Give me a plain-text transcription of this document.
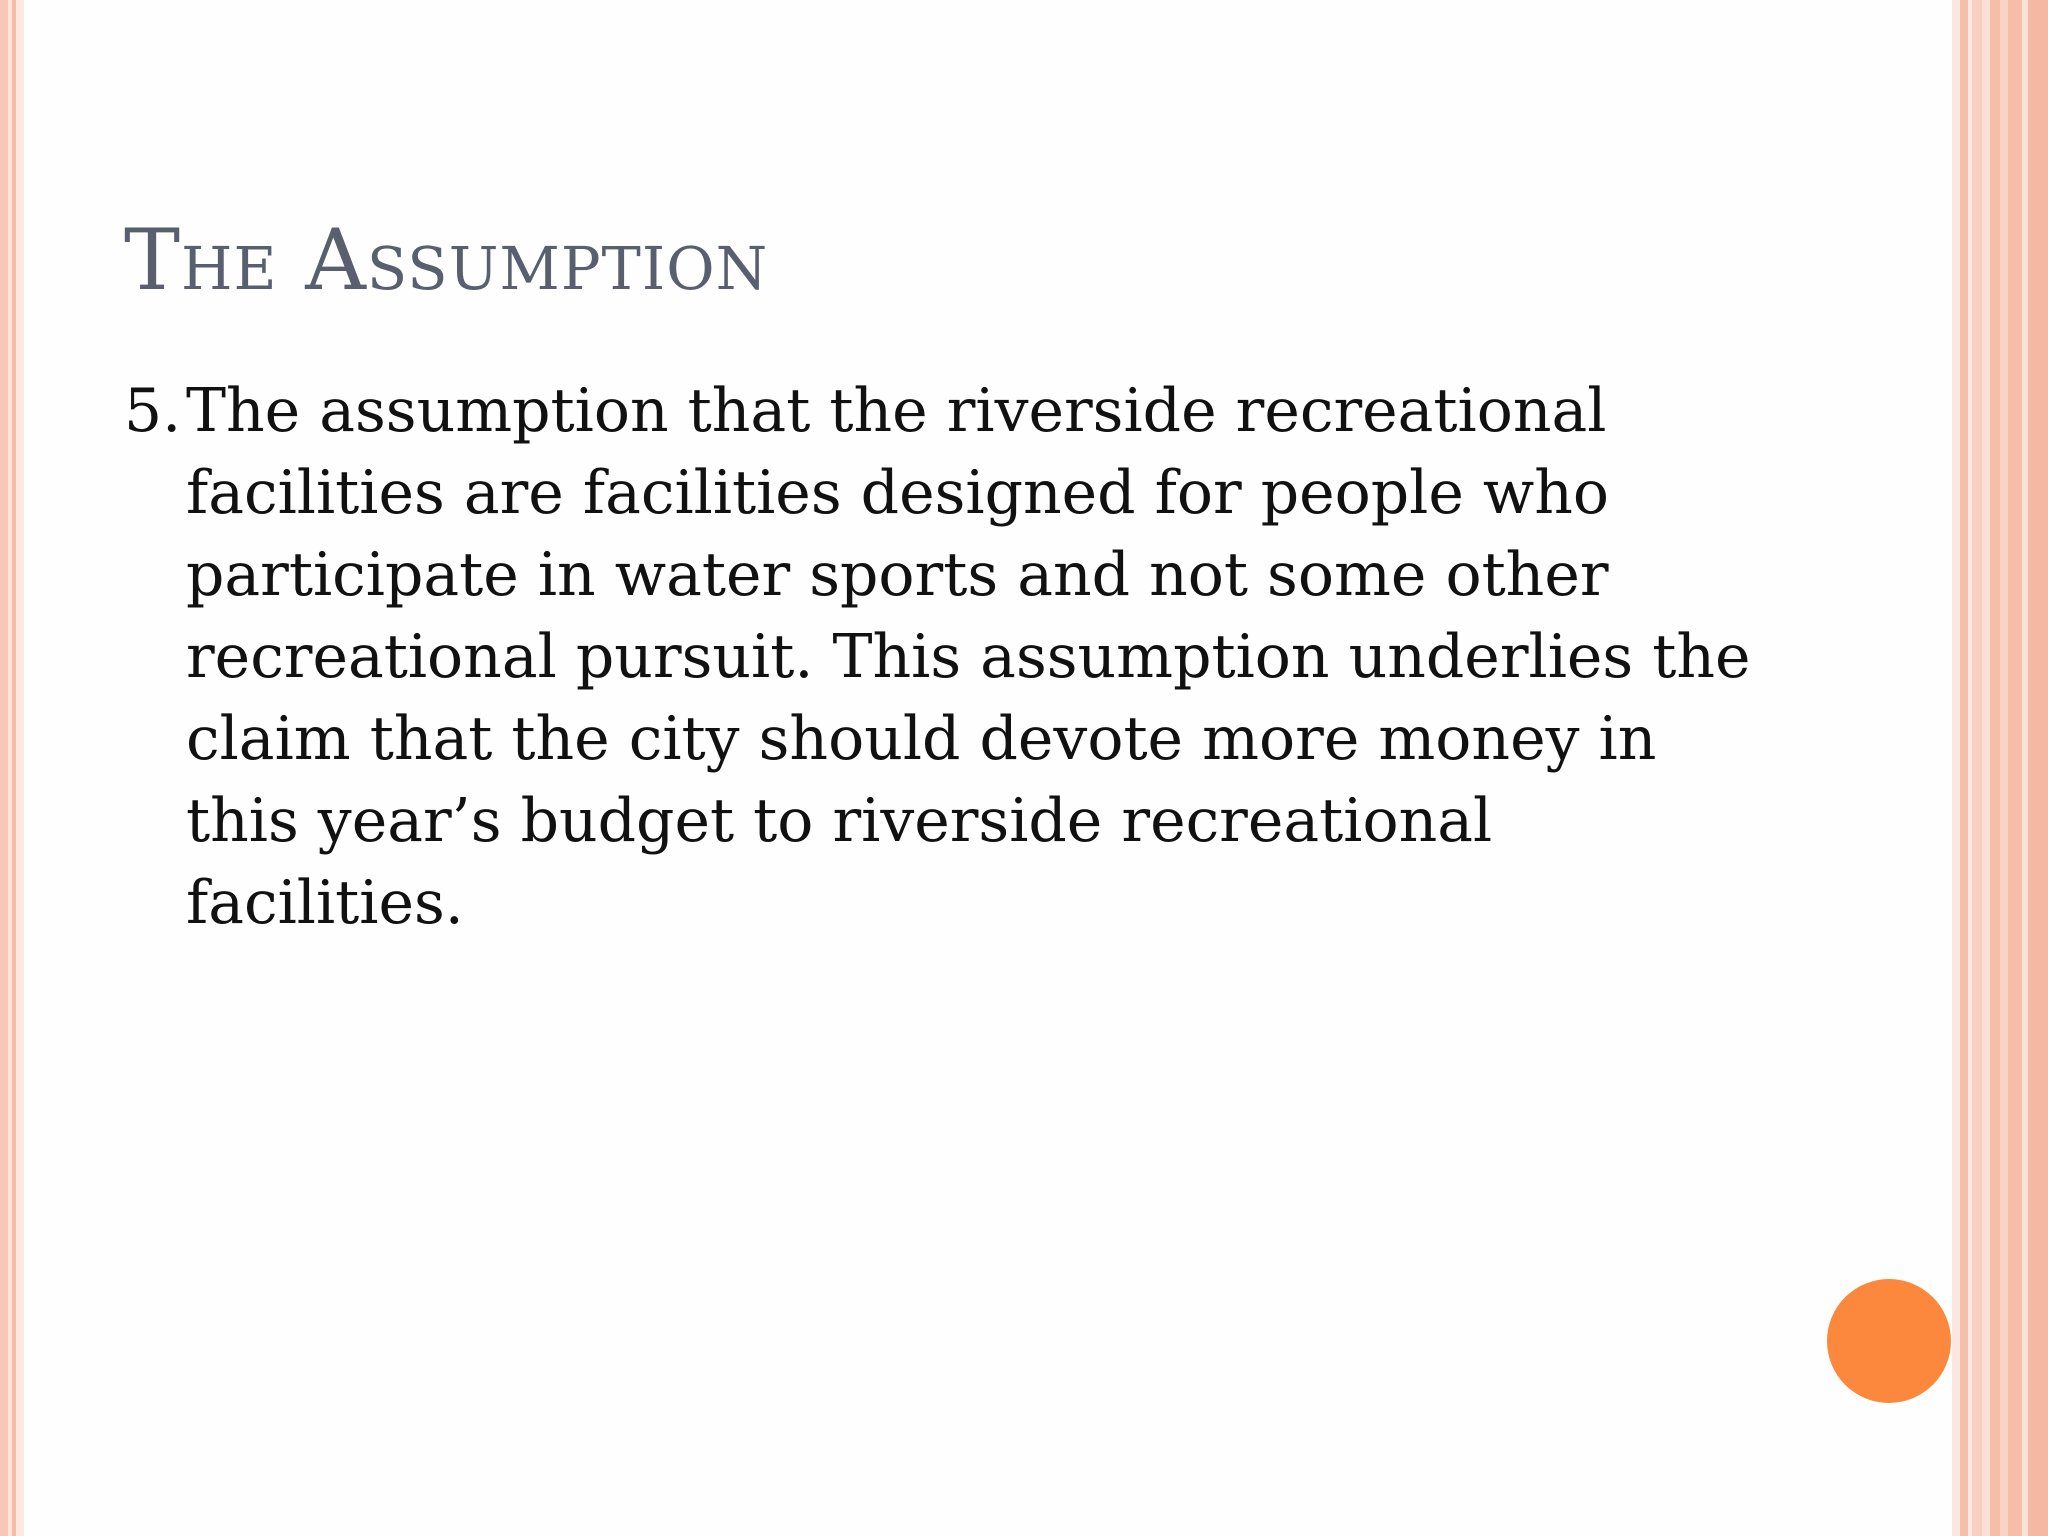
The Assumption
5. The assumption that the riverside recreational facilities are facilities designed for people who participate in water sports and not some other recreational pursuit. This assumption underlies the claim that the city should devote more money in this year’s budget to riverside recreational facilities.
